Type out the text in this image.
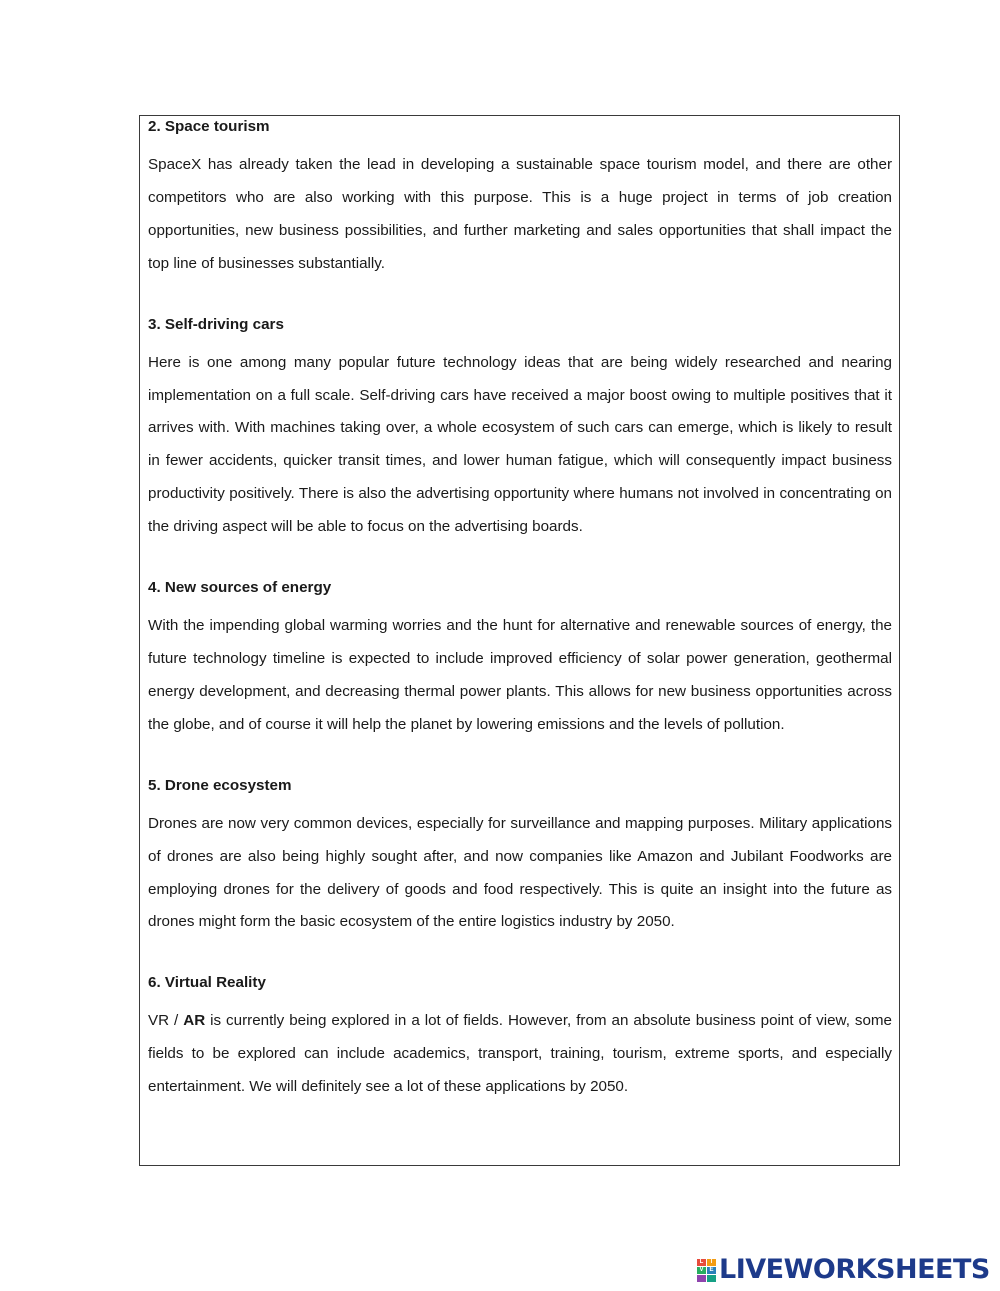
2. Space tourism

SpaceX has already taken the lead in developing a sustainable space tourism model, and there are other competitors who are also working with this purpose. This is a huge project in terms of job creation opportunities, new business possibilities, and further marketing and sales opportunities that shall impact the top line of businesses substantially.

3. Self-driving cars

Here is one among many popular future technology ideas that are being widely researched and nearing implementation on a full scale. Self-driving cars have received a major boost owing to multiple positives that it arrives with. With machines taking over, a whole ecosystem of such cars can emerge, which is likely to result in fewer accidents, quicker transit times, and lower human fatigue, which will consequently impact business productivity positively. There is also the advertising opportunity where humans not involved in concentrating on the driving aspect will be able to focus on the advertising boards.

4. New sources of energy

With the impending global warming worries and the hunt for alternative and renewable sources of energy, the future technology timeline is expected to include improved efficiency of solar power generation, geothermal energy development, and decreasing thermal power plants. This allows for new business opportunities across the globe, and of course it will help the planet by lowering emissions and the levels of pollution.

5. Drone ecosystem

Drones are now very common devices, especially for surveillance and mapping purposes. Military applications of drones are also being highly sought after, and now companies like Amazon and Jubilant Foodworks are employing drones for the delivery of goods and food respectively. This is quite an insight into the future as drones might form the basic ecosystem of the entire logistics industry by 2050.

6. Virtual Reality

VR / AR is currently being explored in a lot of fields. However, from an absolute business point of view, some fields to be explored can include academics, transport, training, tourism, extreme sports, and especially entertainment. We will definitely see a lot of these applications by 2050.

L	I
V E LIVEWORKSHEETS
